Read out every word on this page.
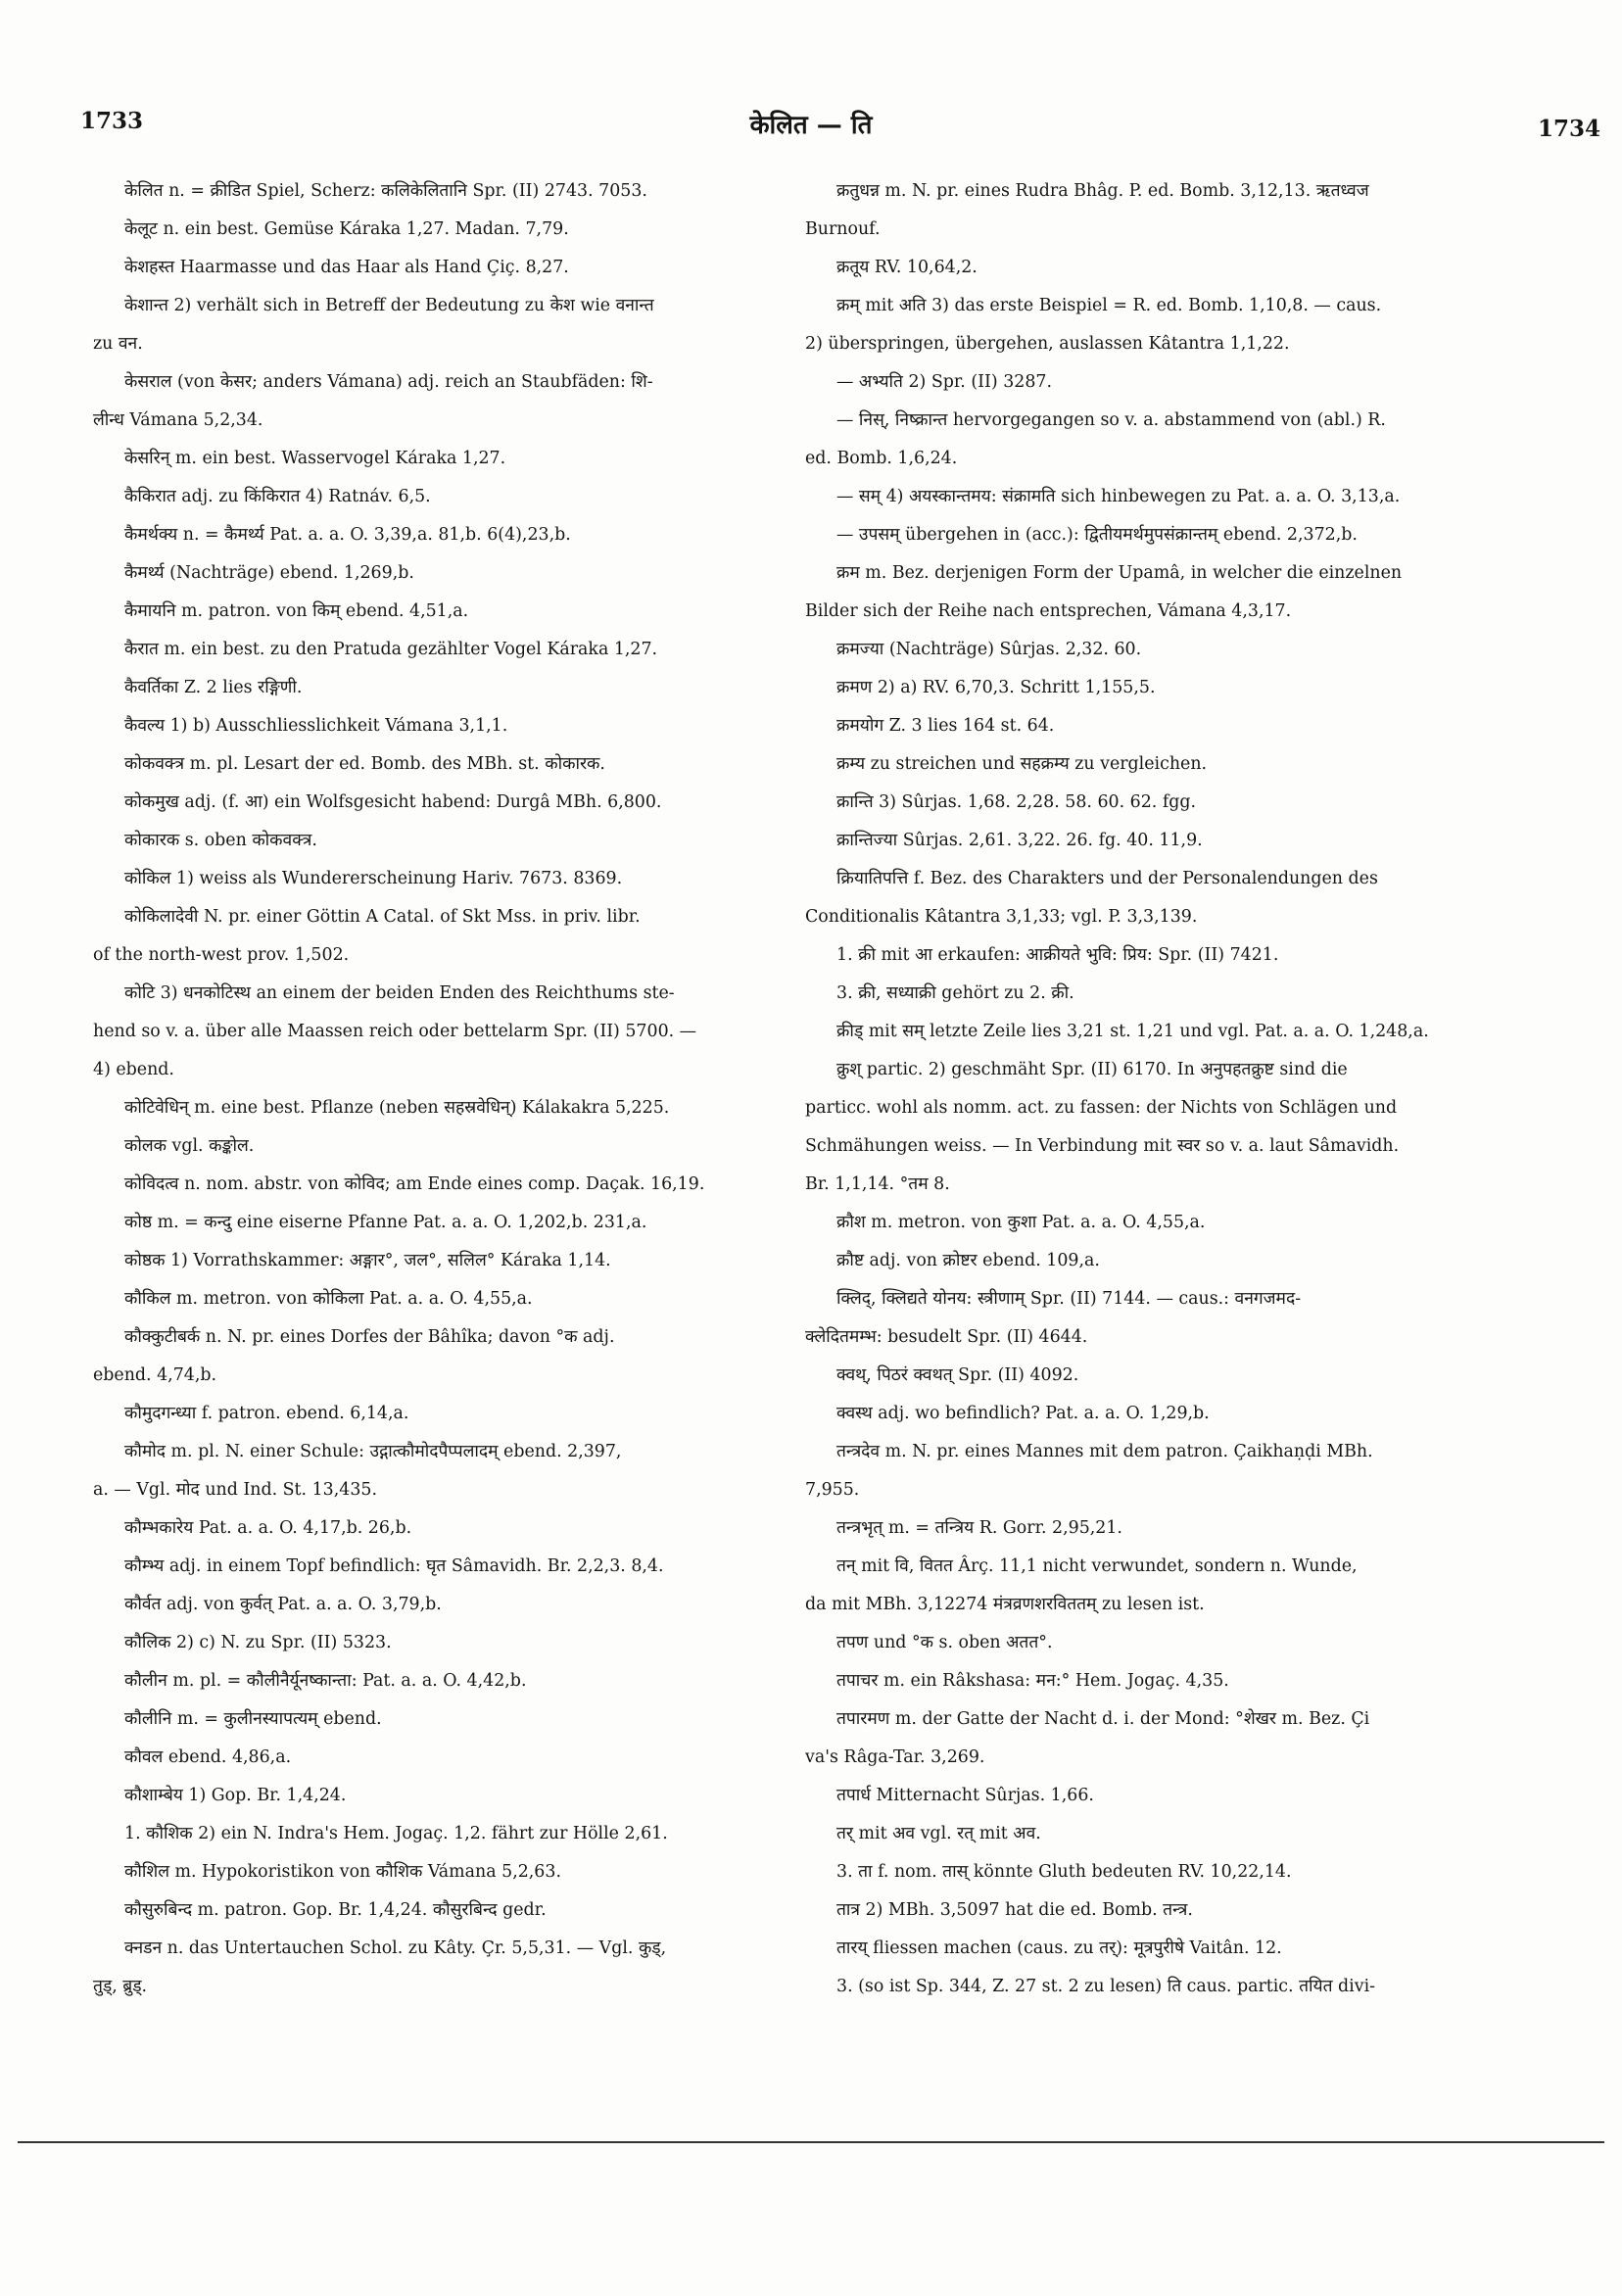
1733	केलित — ति	1734
केलित n. = क्रीडित Spiel, Scherz: कलिकेलितानि Spr. (II) 2743. 7053.
केलूट n. ein best. Gemüse Káraka 1,27. Madan. 7,79.
केशहस्त Haarmasse und das Haar als Hand Çiç. 8,27.
केशान्त 2) verhält sich in Betreff der Bedeutung zu केश wie वनान्त
zu वन.
केसराल (von केसर; anders Vámana) adj. reich an Staubfäden: शि-
लीन्ध Vámana 5,2,34.
केसरिन् m. ein best. Wasservogel Káraka 1,27.
कैकिरात adj. zu किंकिरात 4) Ratnáv. 6,5.
कैमर्थक्य n. = कैमर्थ्य Pat. a. a. O. 3,39,a. 81,b. 6(4),23,b.
कैमर्थ्य (Nachträge) ebend. 1,269,b.
कैमायनि m. patron. von किम् ebend. 4,51,a.
कैरात m. ein best. zu den Pratuda gezählter Vogel Káraka 1,27.
कैवर्तिका Z. 2 lies रङ्गिणी.
कैवल्य 1) b) Ausschliesslichkeit Vámana 3,1,1.
कोकवक्त्र m. pl. Lesart der ed. Bomb. des MBh. st. कोकारक.
कोकमुख adj. (f. आ) ein Wolfsgesicht habend: Durgâ MBh. 6,800.
कोकारक s. oben कोकवक्त्र.
कोकिल 1) weiss als Wundererscheinung Hariv. 7673. 8369.
कोकिलादेवी N. pr. einer Göttin A Catal. of Skt Mss. in priv. libr.
of the north-west prov. 1,502.
कोटि 3) धनकोटिस्थ an einem der beiden Enden des Reichthums ste-
hend so v. a. über alle Maassen reich oder bettelarm Spr. (II) 5700. —
4) ebend.
कोटिवेधिन् m. eine best. Pflanze (neben सहस्रवेधिन्) Kálakakra 5,225.
कोलक vgl. कङ्कोल.
कोविदत्व n. nom. abstr. von कोविद; am Ende eines comp. Daçak. 16,19.
कोष्ठ m. = कन्दु eine eiserne Pfanne Pat. a. a. O. 1,202,b. 231,a.
कोष्ठक 1) Vorrathskammer: अङ्गार°, जल°, सलिल° Káraka 1,14.
कौकिल m. metron. von कोकिला Pat. a. a. O. 4,55,a.
कौक्कुटीबर्क n. N. pr. eines Dorfes der Bâhîka; davon °क adj.
ebend. 4,74,b.
कौमुदगन्ध्या f. patron. ebend. 6,14,a.
कौमोद m. pl. N. einer Schule: उद्गात्कौमोदपैप्पलादम् ebend. 2,397,
a. — Vgl. मोद und Ind. St. 13,435.
कौम्भकारेय Pat. a. a. O. 4,17,b. 26,b.
कौम्भ्य adj. in einem Topf befindlich: घृत Sâmavidh. Br. 2,2,3. 8,4.
कौर्वत adj. von कुर्वत् Pat. a. a. O. 3,79,b.
कौलिक 2) c) N. zu Spr. (II) 5323.
कौलीन m. pl. = कौलीनैर्यूनष्कान्ता: Pat. a. a. O. 4,42,b.
कौलीनि m. = कुलीनस्यापत्यम् ebend.
कौवल ebend. 4,86,a.
कौशाम्बेय 1) Gop. Br. 1,4,24.
1. कौशिक 2) ein N. Indra's Hem. Jogaç. 1,2. fährt zur Hölle 2,61.
कौशिल m. Hypokoristikon von कौशिक Vámana 5,2,63.
कौसुरुबिन्द m. patron. Gop. Br. 1,4,24. कौसुरबिन्द gedr.
क्नडन n. das Untertauchen Schol. zu Kâty. Çr. 5,5,31. — Vgl. कुड्,
तुड्, ब्रुड्.
क्रतुधन्न m. N. pr. eines Rudra Bhâg. P. ed. Bomb. 3,12,13. ऋतध्वज
Burnouf.
क्रतूय RV. 10,64,2.
क्रम् mit अति 3) das erste Beispiel = R. ed. Bomb. 1,10,8. — caus.
2) überspringen, übergehen, auslassen Kâtantra 1,1,22.
— अभ्यति 2) Spr. (II) 3287.
— निस्, निष्क्रान्त hervorgegangen so v. a. abstammend von (abl.) R.
ed. Bomb. 1,6,24.
— सम् 4) अयस्कान्तमय: संक्रामति sich hinbewegen zu Pat. a. a. O. 3,13,a.
— उपसम् übergehen in (acc.): द्वितीयमर्थमुपसंक्रान्तम् ebend. 2,372,b.
क्रम m. Bez. derjenigen Form der Upamâ, in welcher die einzelnen
Bilder sich der Reihe nach entsprechen, Vámana 4,3,17.
क्रमज्या (Nachträge) Sûrjas. 2,32. 60.
क्रमण 2) a) RV. 6,70,3. Schritt 1,155,5.
क्रमयोग Z. 3 lies 164 st. 64.
क्रम्य zu streichen und सहक्रम्य zu vergleichen.
क्रान्ति 3) Sûrjas. 1,68. 2,28. 58. 60. 62. fgg.
क्रान्तिज्या Sûrjas. 2,61. 3,22. 26. fg. 40. 11,9.
क्रियातिपत्ति f. Bez. des Charakters und der Personalendungen des
Conditionalis Kâtantra 3,1,33; vgl. P. 3,3,139.
1. क्री mit आ erkaufen: आक्रीयते भुवि: प्रिय: Spr. (II) 7421.
3. क्री, सध्याक्री gehört zu 2. क्री.
क्रीड् mit सम् letzte Zeile lies 3,21 st. 1,21 und vgl. Pat. a. a. O. 1,248,a.
क्रुश् partic. 2) geschmäht Spr. (II) 6170. In अनुपहतक्रुष्ट sind die
particc. wohl als nomm. act. zu fassen: der Nichts von Schlägen und
Schmähungen weiss. — In Verbindung mit स्वर so v. a. laut Sâmavidh.
Br. 1,1,14. °तम 8.
क्रौश m. metron. von कुशा Pat. a. a. O. 4,55,a.
क्रौष्ट adj. von क्रोष्टर ebend. 109,a.
क्लिद्, क्लिद्यते योनय: स्त्रीणाम् Spr. (II) 7144. — caus.: वनगजमद-
क्लेदितमम्भ: besudelt Spr. (II) 4644.
क्वथ्, पिठरं क्वथत् Spr. (II) 4092.
क्वस्थ adj. wo befindlich? Pat. a. a. O. 1,29,b.
तन्त्रदेव m. N. pr. eines Mannes mit dem patron. Çaikhaṇḍi MBh.
7,955.
तन्त्रभृत् m. = तन्त्रिय R. Gorr. 2,95,21.
तन् mit वि, वितत Ârç. 11,1 nicht verwundet, sondern n. Wunde,
da mit MBh. 3,12274 मंत्रव्रणशरविततम् zu lesen ist.
तपण und °क s. oben अतत°.
तपाचर m. ein Râkshasa: मन:° Hem. Jogaç. 4,35.
तपारमण m. der Gatte der Nacht d. i. der Mond: °शेखर m. Bez. Çi
va's Râga-Tar. 3,269.
तपार्ध Mitternacht Sûrjas. 1,66.
तर् mit अव vgl. रत् mit अव.
3. ता f. nom. तास् könnte Gluth bedeuten RV. 10,22,14.
तात्र 2) MBh. 3,5097 hat die ed. Bomb. तन्त्र.
तारय् fliessen machen (caus. zu तर्): मूत्रपुरीषे Vaitân. 12.
3. (so ist Sp. 344, Z. 27 st. 2 zu lesen) ति caus. partic. तयित divi-
